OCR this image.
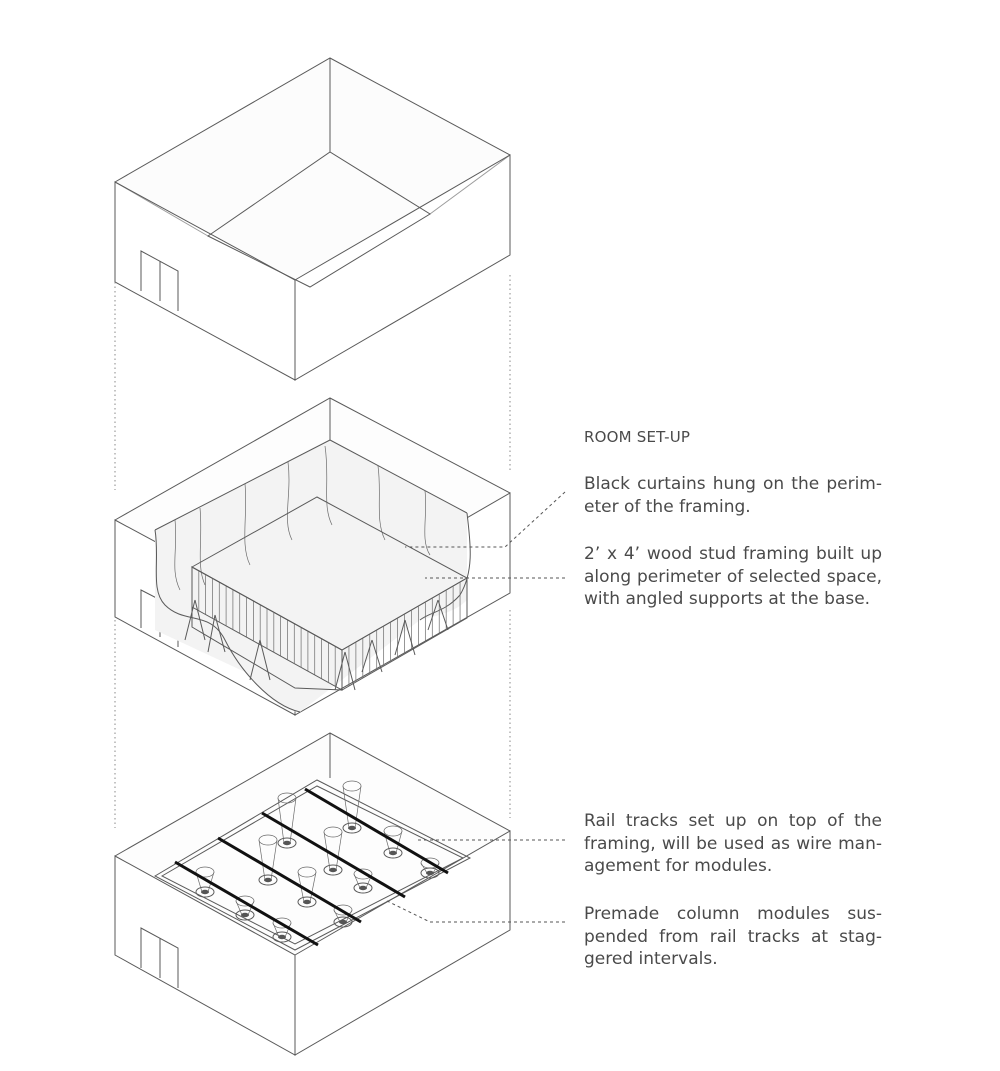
ROOM SET-UP
Black curtains hung on the perim-eter of the framing.
2’ x 4’ wood stud framing built up along perimeter of selected space, with angled supports at the base.
Rail tracks set up on top of the framing, will be used as wire man-agement for modules.
Premade column modules sus-pended from rail tracks at stag-gered intervals.
